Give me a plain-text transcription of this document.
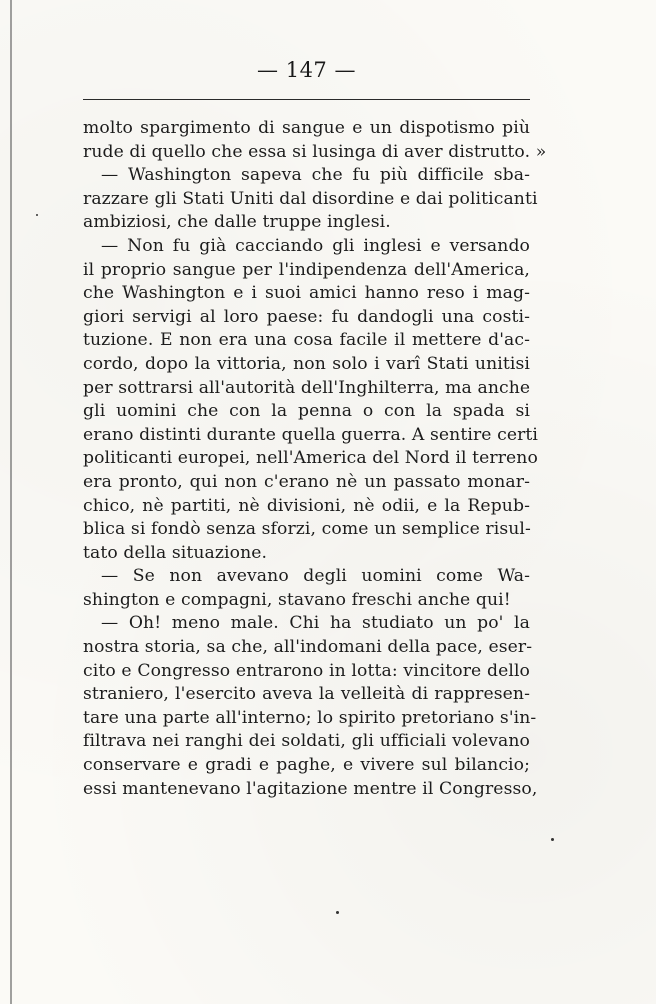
— 147 —
molto spargimento di sangue e un dispotismo più
rude di quello che essa si lusinga di aver distrutto. »
— Washington sapeva che fu più difficile sba-
razzare gli Stati Uniti dal disordine e dai politicanti
ambiziosi, che dalle truppe inglesi.
— Non fu già cacciando gli inglesi e versando
il proprio sangue per l'indipendenza dell'America,
che Washington e i suoi amici hanno reso i mag-
giori servigi al loro paese: fu dandogli una costi-
tuzione. E non era una cosa facile il mettere d'ac-
cordo, dopo la vittoria, non solo i varî Stati unitisi
per sottrarsi all'autorità dell'Inghilterra, ma anche
gli uomini che con la penna o con la spada si
erano distinti durante quella guerra. A sentire certi
politicanti europei, nell'America del Nord il terreno
era pronto, qui non c'erano nè un passato monar-
chico, nè partiti, nè divisioni, nè odii, e la Repub-
blica si fondò senza sforzi, come un semplice risul-
tato della situazione.
— Se non avevano degli uomini come Wa-
shington e compagni, stavano freschi anche qui!
— Oh! meno male. Chi ha studiato un po' la
nostra storia, sa che, all'indomani della pace, eser-
cito e Congresso entrarono in lotta: vincitore dello
straniero, l'esercito aveva la velleità di rappresen-
tare una parte all'interno; lo spirito pretoriano s'in-
filtrava nei ranghi dei soldati, gli ufficiali volevano
conservare e gradi e paghe, e vivere sul bilancio;
essi mantenevano l'agitazione mentre il Congresso,
